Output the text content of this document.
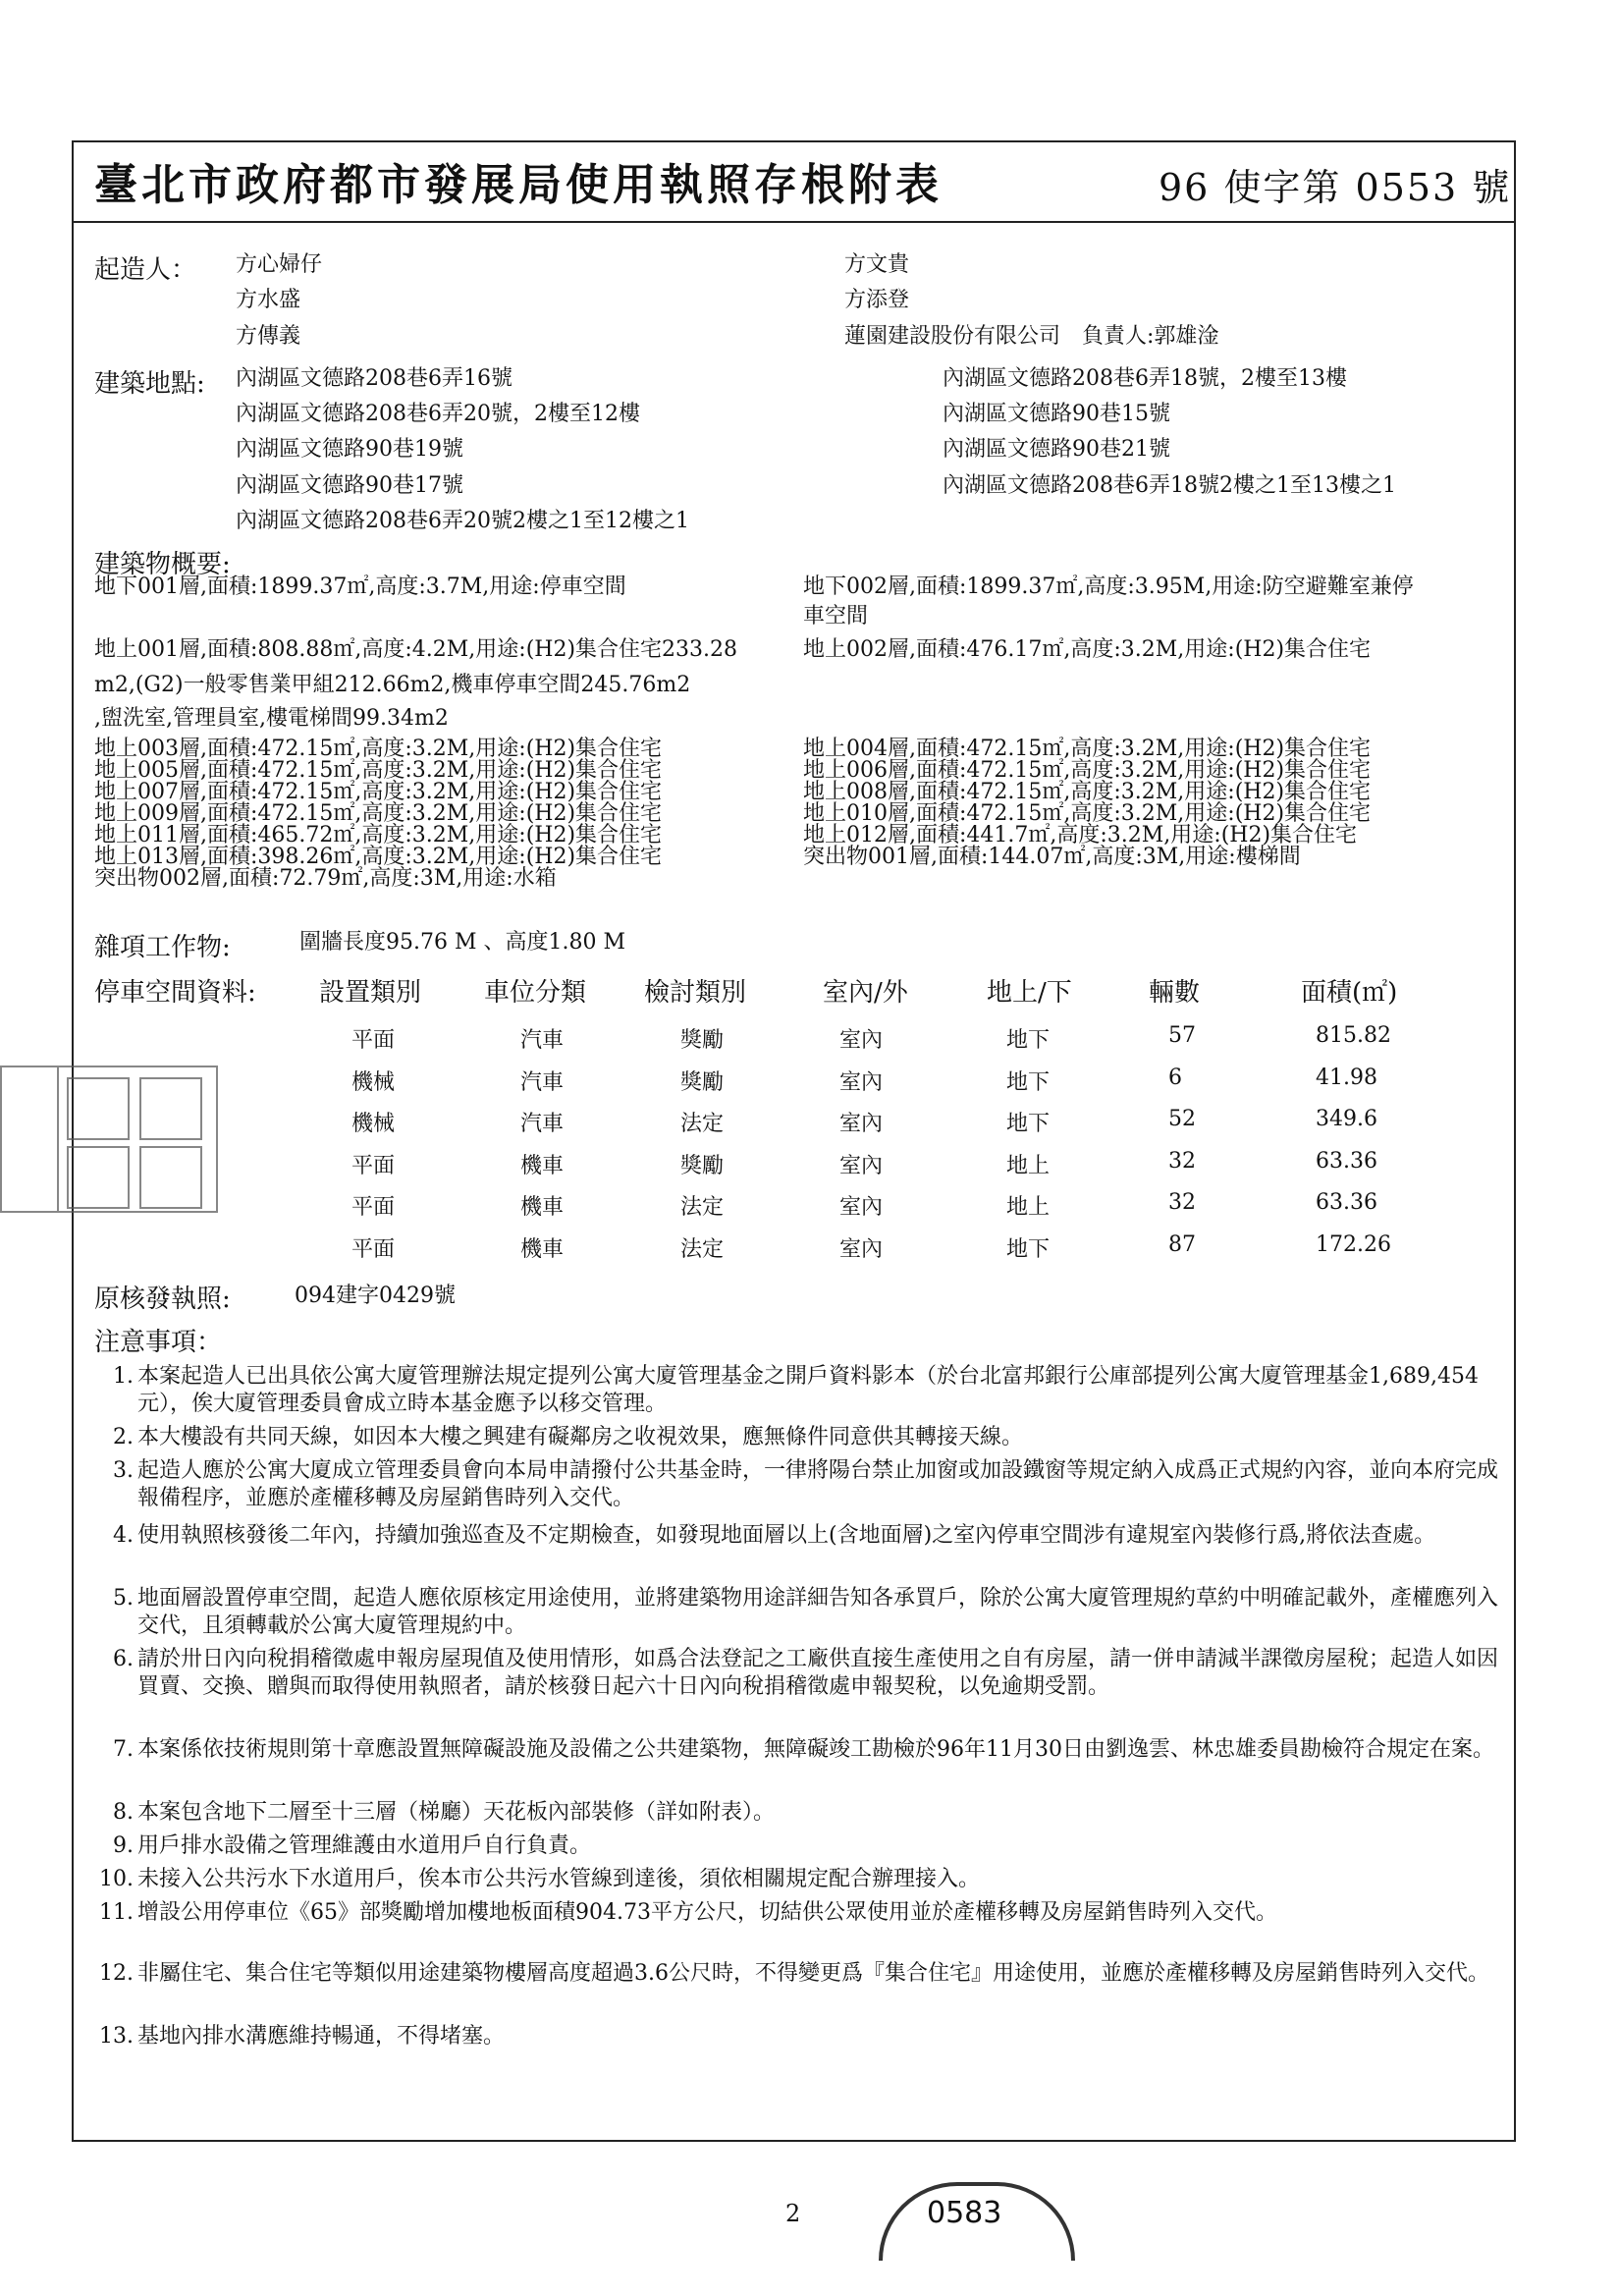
臺北市政府都市發展局使用執照存根附表	96 使字第 0553 號
起造人： 方心婦仔
方水盛
方傳義
方文貴
方添登
蓮園建設股份有限公司　負責人:郭雄淦
建築地點: 內湖區文德路208巷6弄16號
內湖區文德路208巷6弄20號，2樓至12樓
內湖區文德路90巷19號
內湖區文德路90巷17號
內湖區文德路208巷6弄20號2樓之1至12樓之1
內湖區文德路208巷6弄18號，2樓至13樓
內湖區文德路90巷15號
內湖區文德路90巷21號
內湖區文德路208巷6弄18號2樓之1至13樓之1
建築物概要:
地下001層,面積:1899.37㎡,高度:3.7M,用途:停車空間	地下002層,面積:1899.37㎡,高度:3.95M,用途:防空避難室兼停
車空間
地上001層,面積:808.88㎡,高度:4.2M,用途:(H2)集合住宅233.28
m2,(G2)一般零售業甲組212.66m2,機車停車空間245.76m2
,盥洗室,管理員室,樓電梯間99.34m2
地上002層,面積:476.17㎡,高度:3.2M,用途:(H2)集合住宅
地上003層,面積:472.15㎡,高度:3.2M,用途:(H2)集合住宅
地上005層,面積:472.15㎡,高度:3.2M,用途:(H2)集合住宅
地上007層,面積:472.15㎡,高度:3.2M,用途:(H2)集合住宅
地上009層,面積:472.15㎡,高度:3.2M,用途:(H2)集合住宅
地上011層,面積:465.72㎡,高度:3.2M,用途:(H2)集合住宅
地上013層,面積:398.26㎡,高度:3.2M,用途:(H2)集合住宅
突出物002層,面積:72.79㎡,高度:3M,用途:水箱
地上004層,面積:472.15㎡,高度:3.2M,用途:(H2)集合住宅
地上006層,面積:472.15㎡,高度:3.2M,用途:(H2)集合住宅
地上008層,面積:472.15㎡,高度:3.2M,用途:(H2)集合住宅
地上010層,面積:472.15㎡,高度:3.2M,用途:(H2)集合住宅
地上012層,面積:441.7㎡,高度:3.2M,用途:(H2)集合住宅
突出物001層,面積:144.07㎡,高度:3M,用途:樓梯間
雜項工作物:	圍牆長度95.76 M 、高度1.80 M
停車空間資料: 設置類別 車位分類 檢討類別	室內/外	地上/下	輛數	面積(㎡)
平面	汽車	獎勵	室內	地下	57	815.82
機械	汽車	獎勵	室內	地下	6	41.98
機械	汽車	法定	室內	地下	52	349.6
平面	機車	獎勵	室內	地上	32	63.36
平面	機車	法定	室內	地上	32	63.36
平面	機車	法定	室內	地下	87	172.26
原核發執照:	094建字0429號
注意事項：
1. 本案起造人已出具依公寓大廈管理辦法規定提列公寓大廈管理基金之開戶資料影本（於台北富邦銀行公庫部提列公寓大廈管理基金1,689,454元），俟大廈管理委員會成立時本基金應予以移交管理。
2. 本大樓設有共同天線，如因本大樓之興建有礙鄰房之收視效果，應無條件同意供其轉接天線。
3. 起造人應於公寓大廈成立管理委員會向本局申請撥付公共基金時，一律將陽台禁止加窗或加設鐵窗等規定納入成爲正式規約內容，並向本府完成報備程序，並應於產權移轉及房屋銷售時列入交代。
4. 使用執照核發後二年內，持續加強巡查及不定期檢查，如發現地面層以上(含地面層)之室內停車空間涉有違規室內裝修行爲,將依法查處。
5. 地面層設置停車空間，起造人應依原核定用途使用，並將建築物用途詳細告知各承買戶，除於公寓大廈管理規約草約中明確記載外，產權應列入交代，且須轉載於公寓大廈管理規約中。
6. 請於卅日內向稅捐稽徵處申報房屋現值及使用情形，如爲合法登記之工廠供直接生產使用之自有房屋，請一併申請減半課徵房屋稅；起造人如因買賣、交換、贈與而取得使用執照者，請於核發日起六十日內向稅捐稽徵處申報契稅，以免逾期受罰。
7. 本案係依技術規則第十章應設置無障礙設施及設備之公共建築物，無障礙竣工勘檢於96年11月30日由劉逸雲、林忠雄委員勘檢符合規定在案。
8. 本案包含地下二層至十三層（梯廳）天花板內部裝修（詳如附表）。
9. 用戶排水設備之管理維護由水道用戶自行負責。
10. 未接入公共污水下水道用戶，俟本市公共污水管線到達後，須依相關規定配合辦理接入。
11. 增設公用停車位《65》部獎勵增加樓地板面積904.73平方公尺，切結供公眾使用並於產權移轉及房屋銷售時列入交代。
12. 非屬住宅、集合住宅等類似用途建築物樓層高度超過3.6公尺時，不得變更爲『集合住宅』用途使用，並應於產權移轉及房屋銷售時列入交代。
13. 基地內排水溝應維持暢通，不得堵塞。
0583
2
